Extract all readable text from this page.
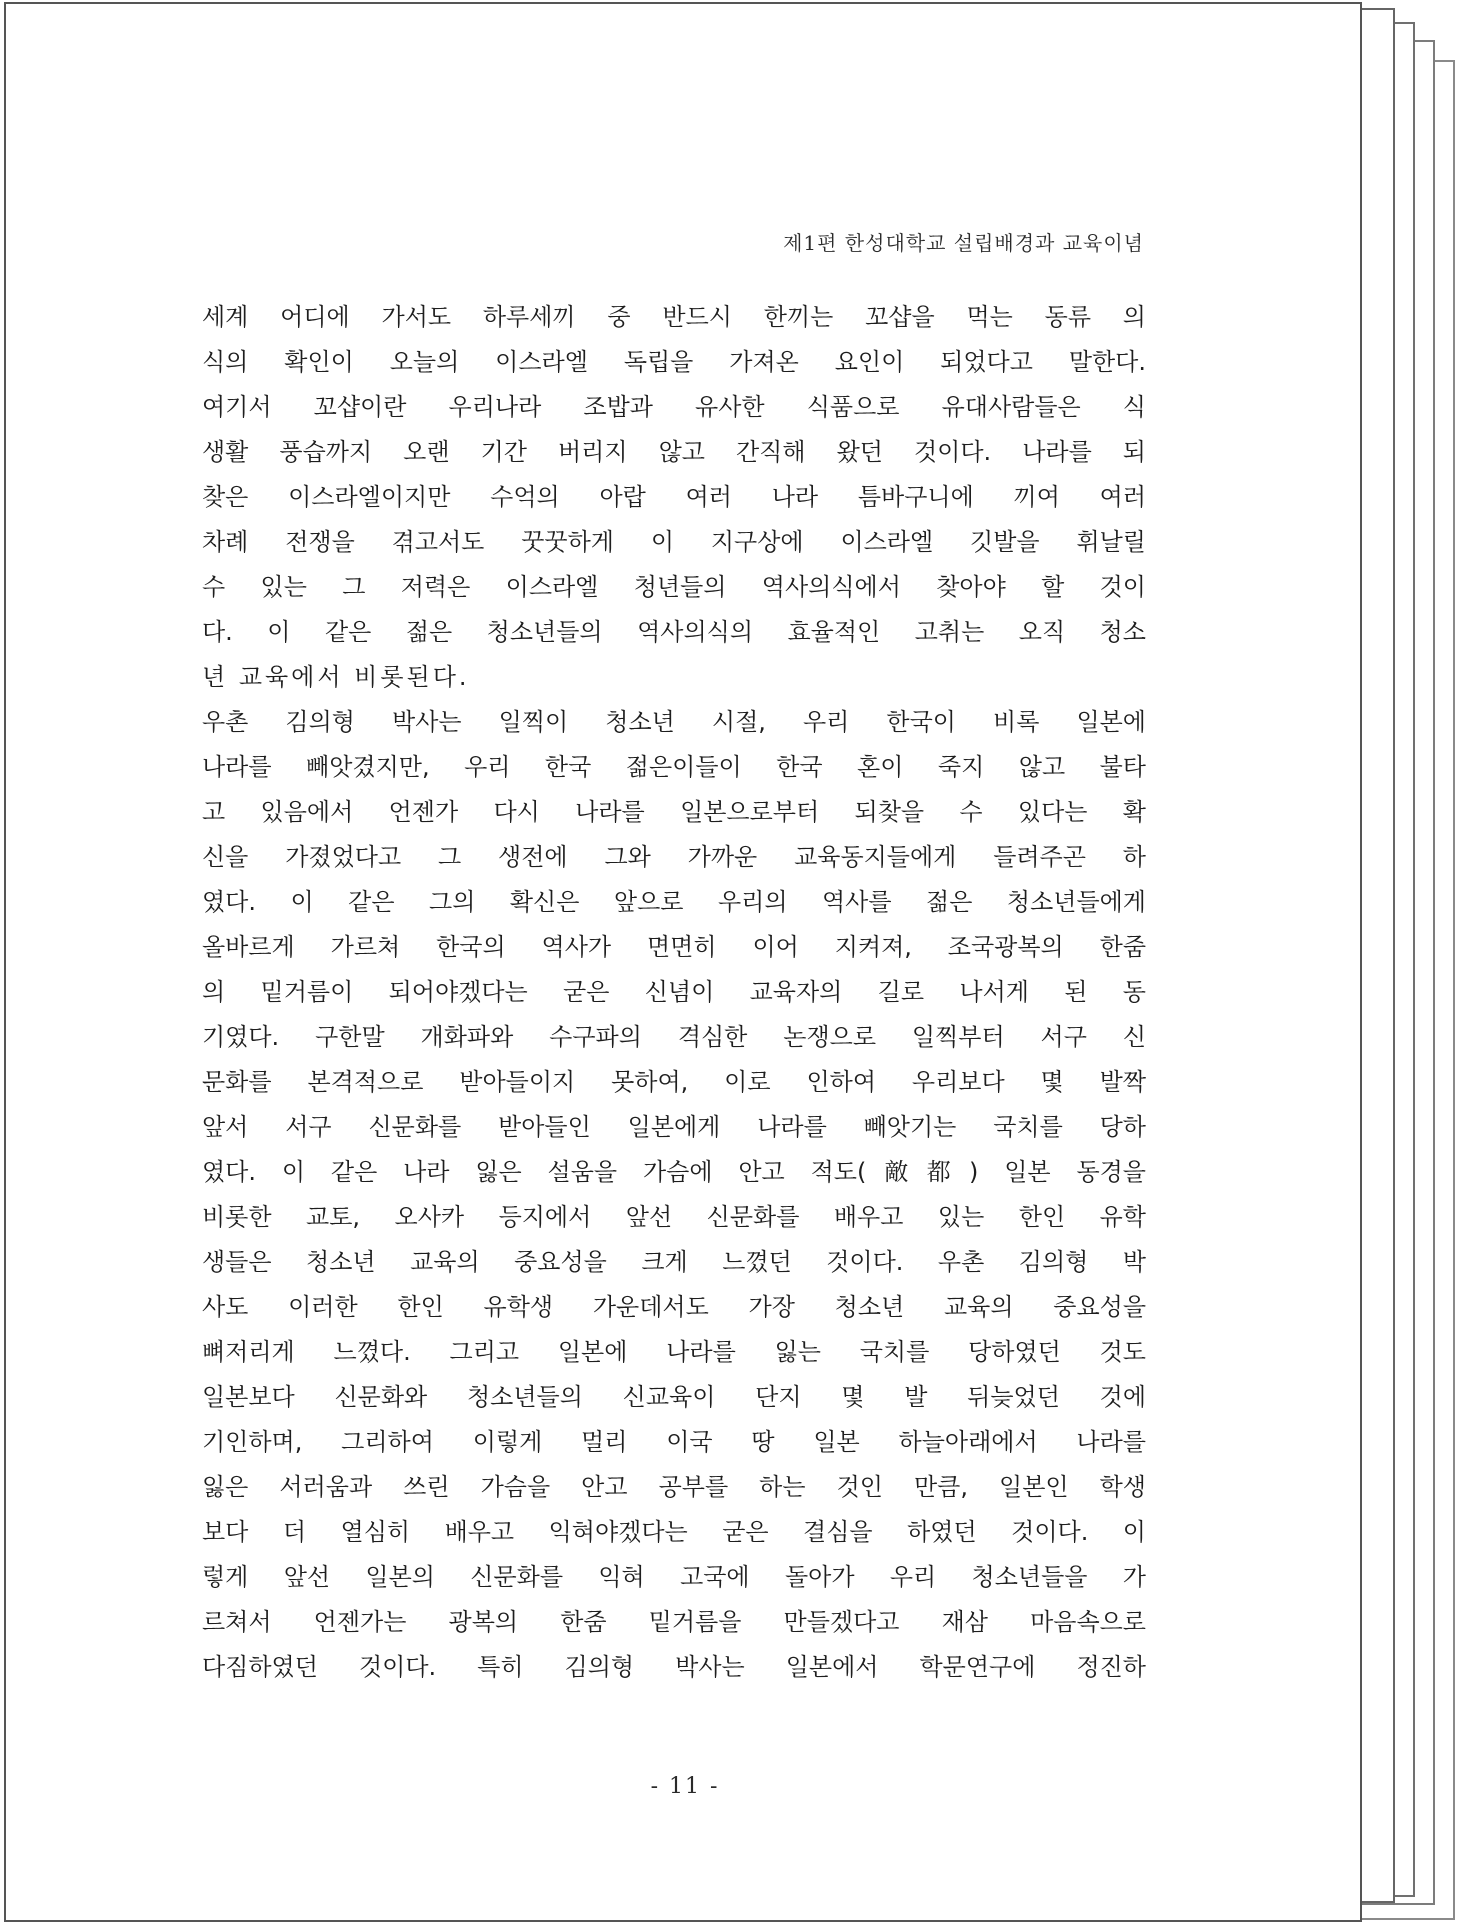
제1편 한성대학교 설립배경과 교육이념
세계 어디에 가서도 하루세끼 중 반드시 한끼는 꼬샵을 먹는 동류 의
식의 확인이 오늘의 이스라엘 독립을 가져온 요인이 되었다고 말한다.
여기서 꼬샵이란 우리나라 조밥과 유사한 식품으로 유대사람들은 식
생활 풍습까지 오랜 기간 버리지 않고 간직해 왔던 것이다. 나라를 되
찾은 이스라엘이지만 수억의 아랍 여러 나라 틈바구니에 끼여 여러
차례 전쟁을 겪고서도 꿋꿋하게 이 지구상에 이스라엘 깃발을 휘날릴
수 있는 그 저력은 이스라엘 청년들의 역사의식에서 찾아야 할 것이
다. 이 같은 젊은 청소년들의 역사의식의 효율적인 고취는 오직 청소
년 교육에서 비롯된다.
우촌 김의형 박사는 일찍이 청소년 시절, 우리 한국이 비록 일본에
나라를 빼앗겼지만, 우리 한국 젊은이들이 한국 혼이 죽지 않고 불타
고 있음에서 언젠가 다시 나라를 일본으로부터 되찾을 수 있다는 확
신을 가졌었다고 그 생전에 그와 가까운 교육동지들에게 들려주곤 하
였다. 이 같은 그의 확신은 앞으로 우리의 역사를 젊은 청소년들에게
올바르게 가르쳐 한국의 역사가 면면히 이어 지켜져, 조국광복의 한줌
의 밑거름이 되어야겠다는 굳은 신념이 교육자의 길로 나서게 된 동
기였다. 구한말 개화파와 수구파의 격심한 논쟁으로 일찍부터 서구 신
문화를 본격적으로 받아들이지 못하여, 이로 인하여 우리보다 몇 발짝
앞서 서구 신문화를 받아들인 일본에게 나라를 빼앗기는 국치를 당하
였다. 이 같은 나라 잃은 설움을 가슴에 안고 적도(敵都) 일본 동경을
비롯한 교토, 오사카 등지에서 앞선 신문화를 배우고 있는 한인 유학
생들은 청소년 교육의 중요성을 크게 느꼈던 것이다. 우촌 김의형 박
사도 이러한 한인 유학생 가운데서도 가장 청소년 교육의 중요성을
뼈저리게 느꼈다. 그리고 일본에 나라를 잃는 국치를 당하였던 것도
일본보다 신문화와 청소년들의 신교육이 단지 몇 발 뒤늦었던 것에
기인하며, 그리하여 이렇게 멀리 이국 땅 일본 하늘아래에서 나라를
잃은 서러움과 쓰린 가슴을 안고 공부를 하는 것인 만큼, 일본인 학생
보다 더 열심히 배우고 익혀야겠다는 굳은 결심을 하였던 것이다. 이
렇게 앞선 일본의 신문화를 익혀 고국에 돌아가 우리 청소년들을 가
르쳐서 언젠가는 광복의 한줌 밑거름을 만들겠다고 재삼 마음속으로
다짐하였던 것이다. 특히 김의형 박사는 일본에서 학문연구에 정진하
- 11 -
